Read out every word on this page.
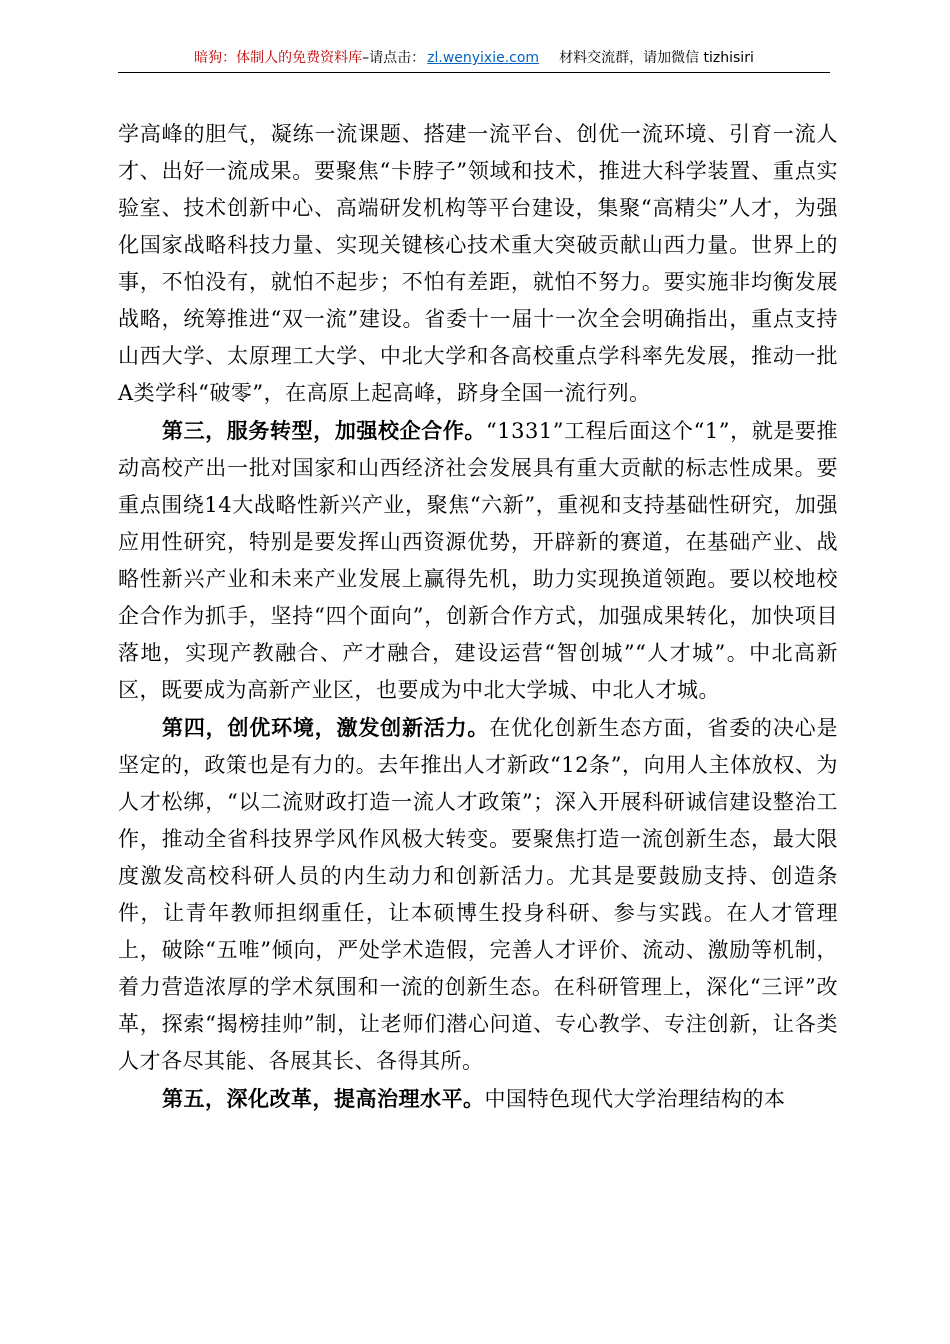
暗狗：体制人的免费资料库–请点击： zl.wenyixie.com 材料交流群，请加微信 tizhisiri

学高峰的胆气，凝练一流课题、搭建一流平台、创优一流环境、引育一流人才、出好一流成果。要聚焦“卡脖子”领域和技术，推进大科学装置、重点实验室、技术创新中心、高端研发机构等平台建设，集聚“高精尖”人才，为强化国家战略科技力量、实现关键核心技术重大突破贡献山西力量。世界上的事，不怕没有，就怕不起步；不怕有差距，就怕不努力。要实施非均衡发展战略，统筹推进“双一流”建设。省委十一届十一次全会明确指出，重点支持山西大学、太原理工大学、中北大学和各高校重点学科率先发展，推动一批A类学科“破零”，在高原上起高峰，跻身全国一流行列。

第三，服务转型，加强校企合作。“1331”工程后面这个“1”，就是要推动高校产出一批对国家和山西经济社会发展具有重大贡献的标志性成果。要重点围绕14大战略性新兴产业，聚焦“六新”，重视和支持基础性研究，加强应用性研究，特别是要发挥山西资源优势，开辟新的赛道，在基础产业、战略性新兴产业和未来产业发展上赢得先机，助力实现换道领跑。要以校地校企合作为抓手，坚持“四个面向”，创新合作方式，加强成果转化，加快项目落地，实现产教融合、产才融合，建设运营“智创城”“人才城”。中北高新区，既要成为高新产业区，也要成为中北大学城、中北人才城。

第四，创优环境，激发创新活力。在优化创新生态方面，省委的决心是坚定的，政策也是有力的。去年推出人才新政“12条”，向用人主体放权、为人才松绑，“以二流财政打造一流人才政策”；深入开展科研诚信建设整治工作，推动全省科技界学风作风极大转变。要聚焦打造一流创新生态，最大限度激发高校科研人员的内生动力和创新活力。尤其是要鼓励支持、创造条件，让青年教师担纲重任，让本硕博生投身科研、参与实践。在人才管理上，破除“五唯”倾向，严处学术造假，完善人才评价、流动、激励等机制，着力营造浓厚的学术氛围和一流的创新生态。在科研管理上，深化“三评”改革，探索“揭榜挂帅”制，让老师们潜心问道、专心教学、专注创新，让各类人才各尽其能、各展其长、各得其所。

第五，深化改革，提高治理水平。中国特色现代大学治理结构的本
